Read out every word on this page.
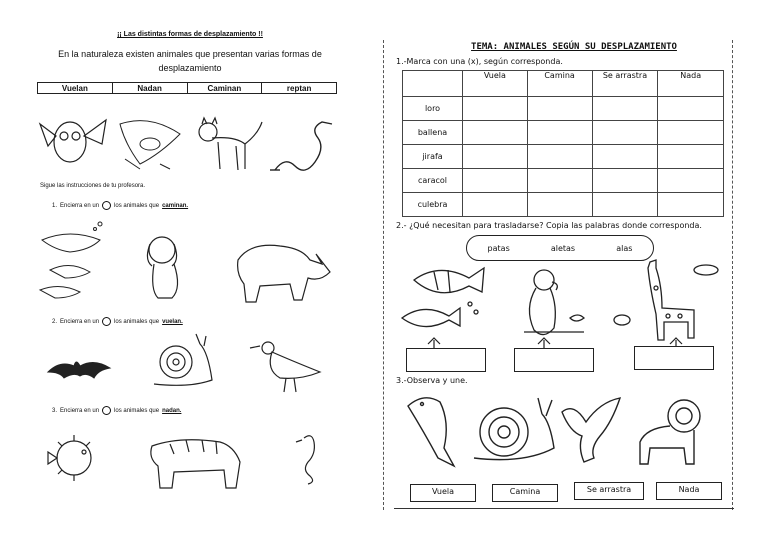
¡¡ Las distintas formas de desplazamiento !!
En la naturaleza existen animales que presentan varias formas de desplazamiento
Vuelan	Nadan	Caminan	reptan
Sigue las instrucciones de tu profesora.
1. Encierra en un	los animales que caminan.
2. Encierra en un	los animales que vuelan.
3. Encierra en un	los animales que nadan.
TEMA: ANIMALES SEGÚN SU DESPLAZAMIENTO
1.-Marca con una (x), según corresponda.
	Vuela	Camina	Se arrastra	Nada
loro				
ballena				
jirafa				
caracol				
culebra				
2.- ¿Qué necesitan para trasladarse? Copia las palabras donde corresponda.
patas	aletas	alas
3.-Observa y une.
Vuela	Camina	Se arrastra	Nada
